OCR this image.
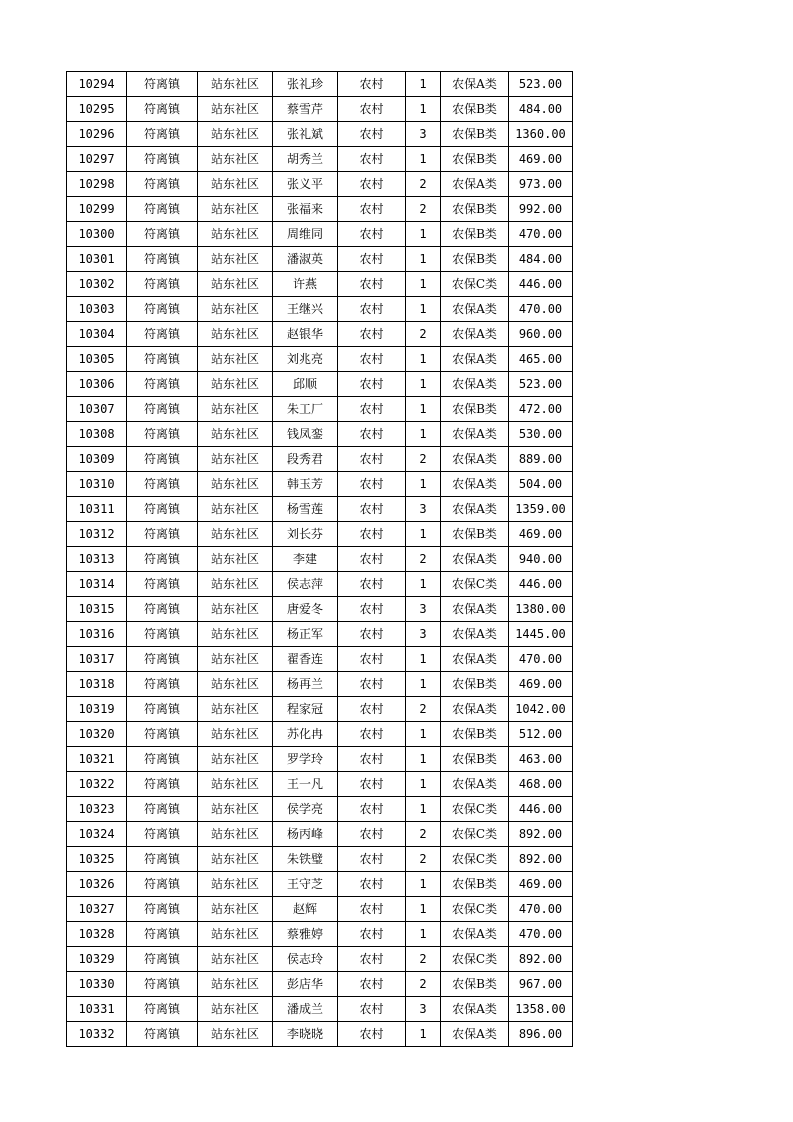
10294	符离镇	站东社区	张礼珍	农村	1	农保A类	523.00
10295	符离镇	站东社区	蔡雪芹	农村	1	农保B类	484.00
10296	符离镇	站东社区	张礼斌	农村	3	农保B类	1360.00
10297	符离镇	站东社区	胡秀兰	农村	1	农保B类	469.00
10298	符离镇	站东社区	张义平	农村	2	农保A类	973.00
10299	符离镇	站东社区	张福来	农村	2	农保B类	992.00
10300	符离镇	站东社区	周维同	农村	1	农保B类	470.00
10301	符离镇	站东社区	潘淑英	农村	1	农保B类	484.00
10302	符离镇	站东社区	许燕	农村	1	农保C类	446.00
10303	符离镇	站东社区	王继兴	农村	1	农保A类	470.00
10304	符离镇	站东社区	赵银华	农村	2	农保A类	960.00
10305	符离镇	站东社区	刘兆亮	农村	1	农保A类	465.00
10306	符离镇	站东社区	邱顺	农村	1	农保A类	523.00
10307	符离镇	站东社区	朱工厂	农村	1	农保B类	472.00
10308	符离镇	站东社区	钱凤銮	农村	1	农保A类	530.00
10309	符离镇	站东社区	段秀君	农村	2	农保A类	889.00
10310	符离镇	站东社区	韩玉芳	农村	1	农保A类	504.00
10311	符离镇	站东社区	杨雪莲	农村	3	农保A类	1359.00
10312	符离镇	站东社区	刘长芬	农村	1	农保B类	469.00
10313	符离镇	站东社区	李建	农村	2	农保A类	940.00
10314	符离镇	站东社区	侯志萍	农村	1	农保C类	446.00
10315	符离镇	站东社区	唐爱冬	农村	3	农保A类	1380.00
10316	符离镇	站东社区	杨正军	农村	3	农保A类	1445.00
10317	符离镇	站东社区	翟香连	农村	1	农保A类	470.00
10318	符离镇	站东社区	杨再兰	农村	1	农保B类	469.00
10319	符离镇	站东社区	程家冠	农村	2	农保A类	1042.00
10320	符离镇	站东社区	苏化冉	农村	1	农保B类	512.00
10321	符离镇	站东社区	罗学玲	农村	1	农保B类	463.00
10322	符离镇	站东社区	王一凡	农村	1	农保A类	468.00
10323	符离镇	站东社区	侯学亮	农村	1	农保C类	446.00
10324	符离镇	站东社区	杨丙峰	农村	2	农保C类	892.00
10325	符离镇	站东社区	朱铁璧	农村	2	农保C类	892.00
10326	符离镇	站东社区	王守芝	农村	1	农保B类	469.00
10327	符离镇	站东社区	赵辉	农村	1	农保C类	470.00
10328	符离镇	站东社区	蔡雅婷	农村	1	农保A类	470.00
10329	符离镇	站东社区	侯志玲	农村	2	农保C类	892.00
10330	符离镇	站东社区	彭店华	农村	2	农保B类	967.00
10331	符离镇	站东社区	潘成兰	农村	3	农保A类	1358.00
10332	符离镇	站东社区	李晓晓	农村	1	农保A类	896.00
